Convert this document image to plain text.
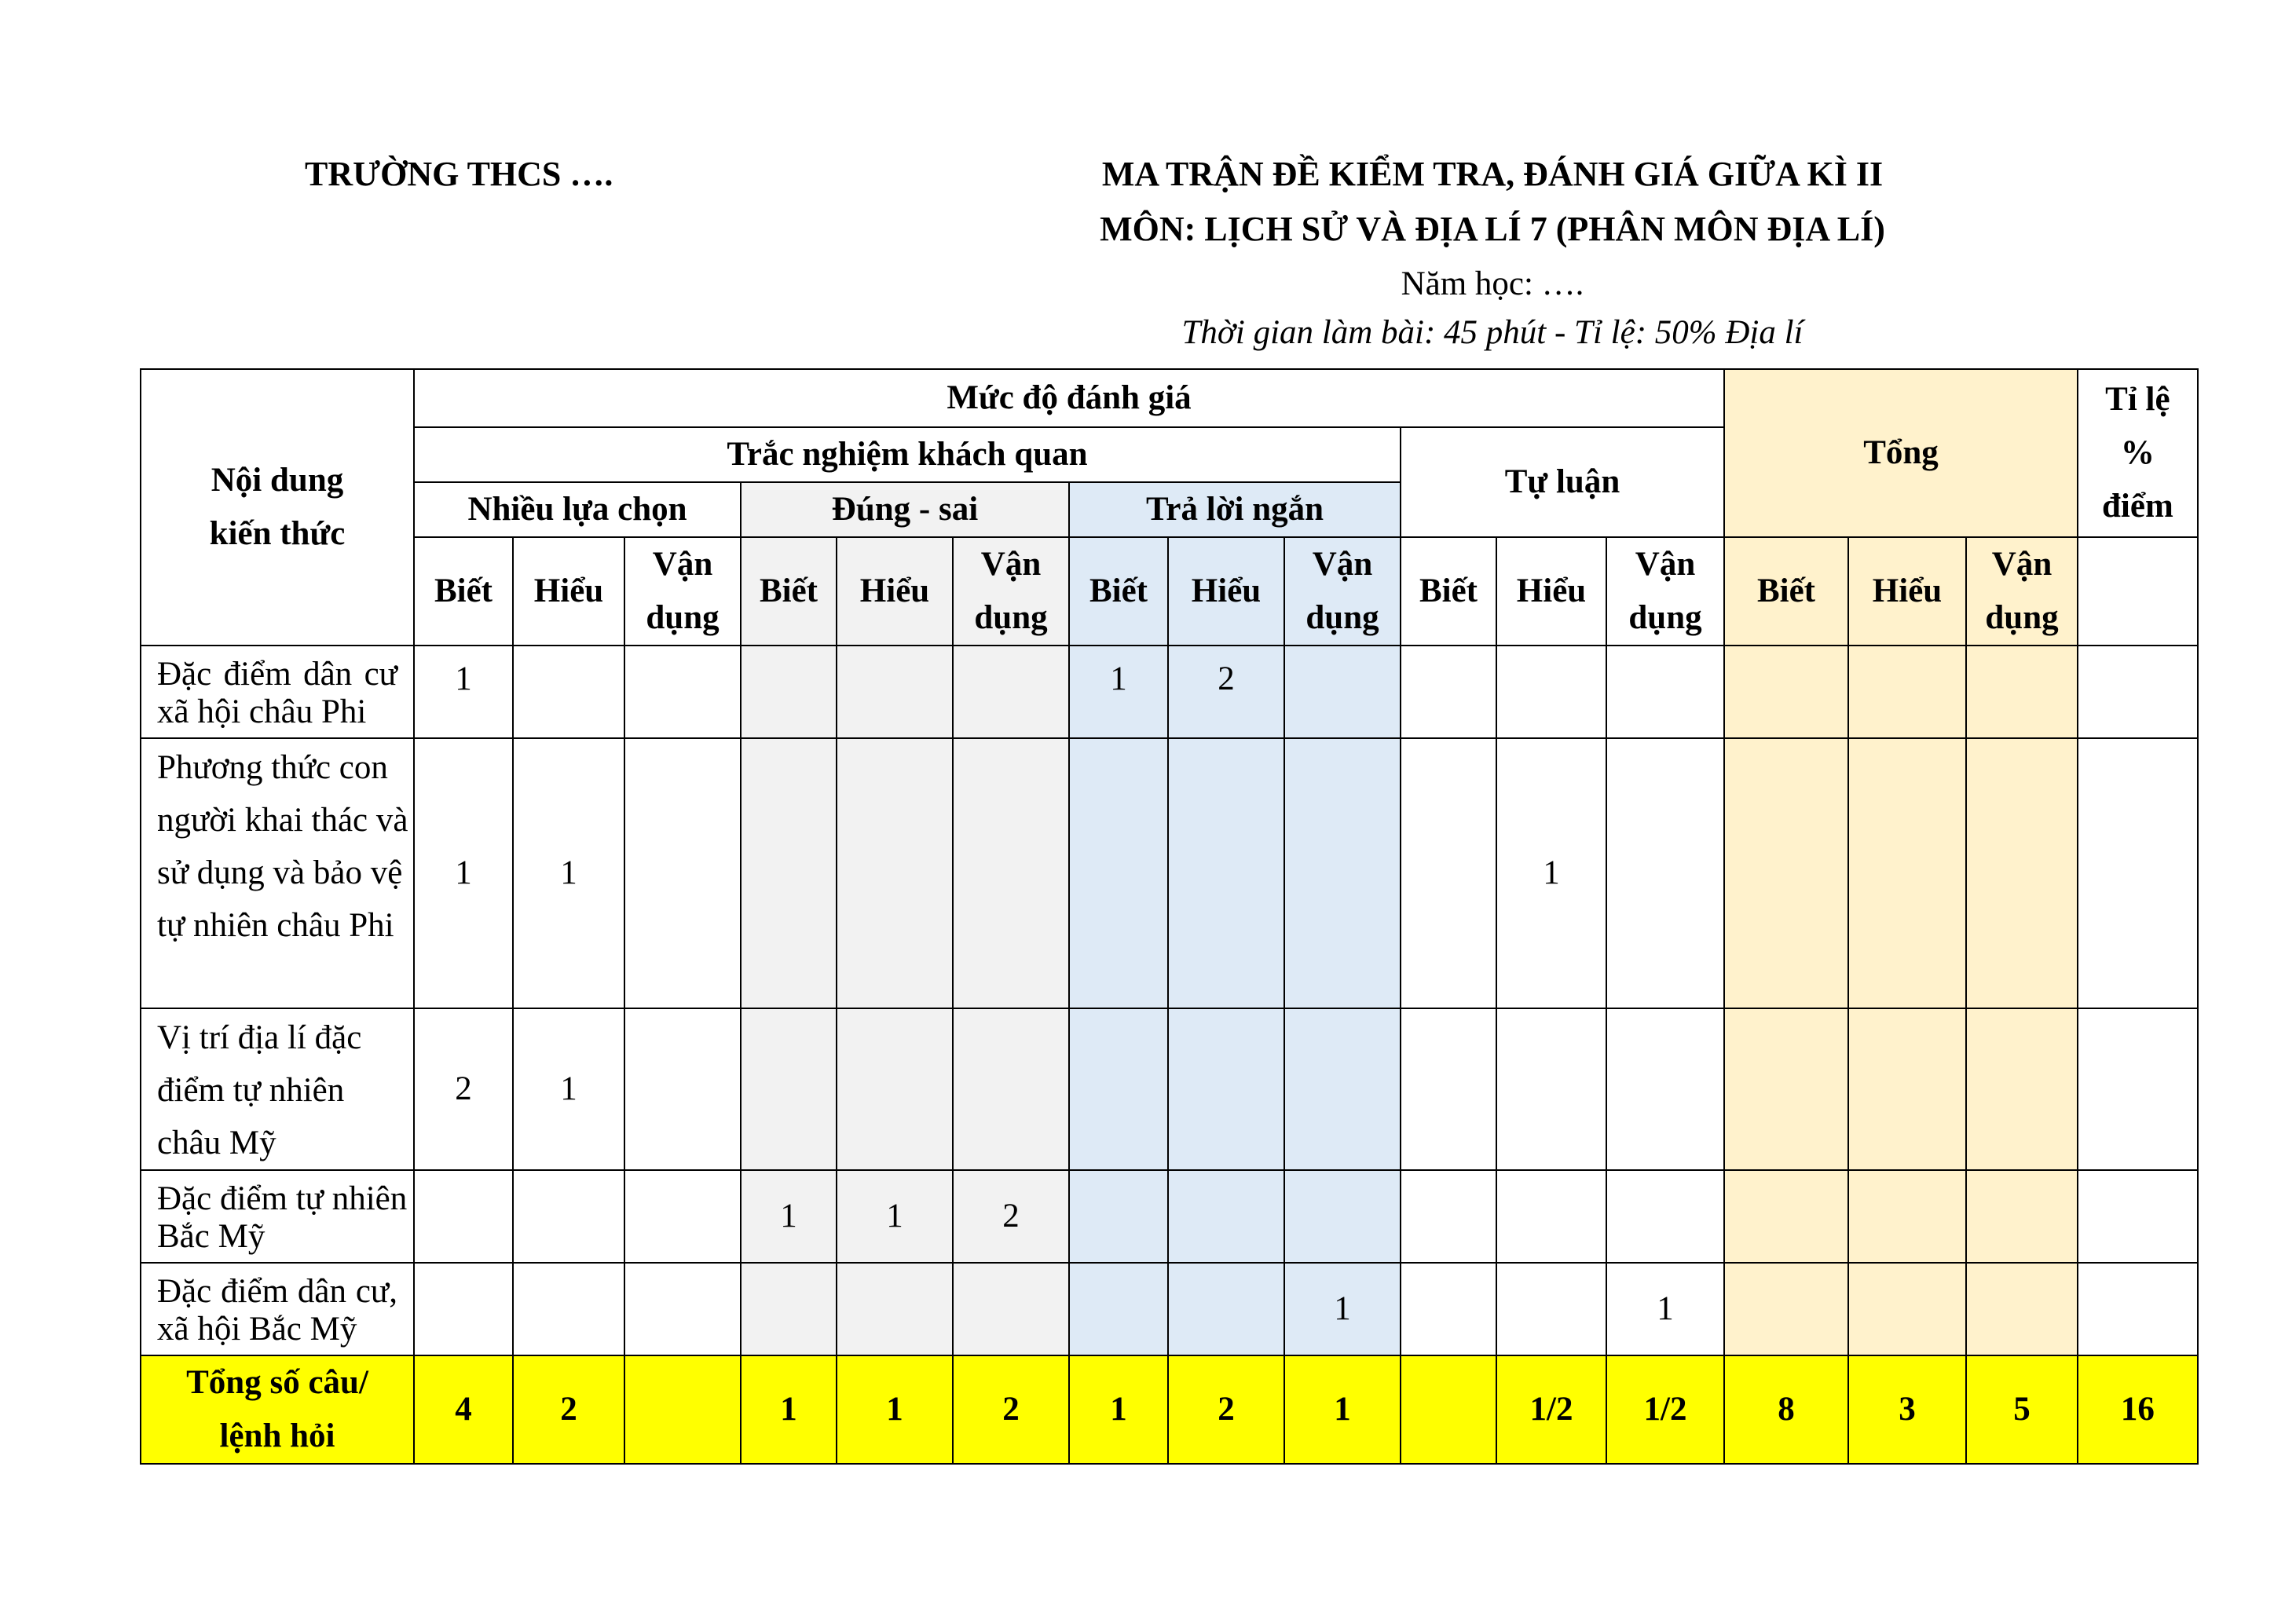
TRƯỜNG THCS ….	MA TRẬN ĐỀ KIỂM TRA, ĐÁNH GIÁ GIỮA KÌ II
MÔN: LỊCH SỬ VÀ ĐỊA LÍ 7 (PHÂN MÔN ĐỊA LÍ)
Năm học: ….
Thời gian làm bài: 45 phút - Tỉ lệ: 50% Địa lí
Nội dung kiến thức	Mức độ đánh giá												Tổng			Tỉ lệ % điểm
	Trắc nghiệm khách quan									Tự luận						
	Nhiều lựa chọn			Đúng - sai			Trả lời ngắn									
	Biết	Hiểu	Vận dụng	Biết	Hiểu	Vận dụng	Biết	Hiểu	Vận dụng	Biết	Hiểu	Vận dụng	Biết	Hiểu	Vận dụng	
Đặc điểm dân cư xã hội châu Phi	1						1	2								
Phương thức con người khai thác và sử dụng và bảo vệ tự nhiên châu Phi	1	1									1					
Vị trí địa lí đặc điểm tự nhiên châu Mỹ	2	1														
Đặc điểm tự nhiên Bắc Mỹ				1	1	2										
Đặc điểm dân cư, xã hội Bắc Mỹ									1			1				
Tổng số câu/ lệnh hỏi	4	2		1	1	2	1	2	1		1/2	1/2	8	3	5	16
